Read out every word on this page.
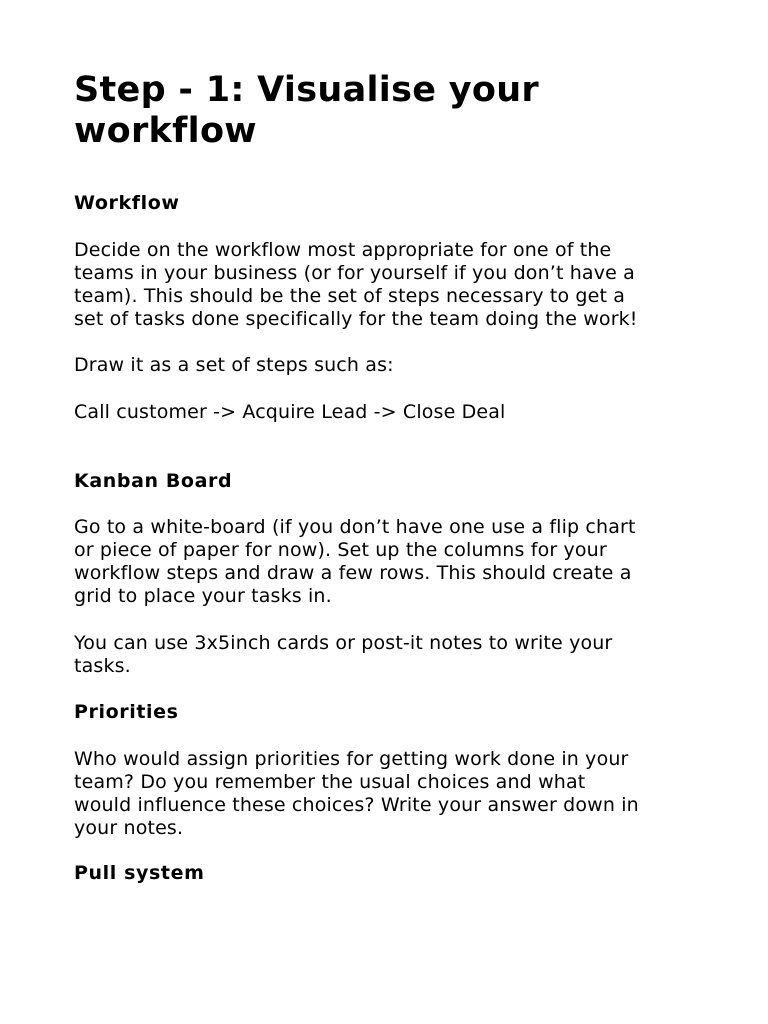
Step - 1: Visualise your
workflow
Workflow

Decide on the workflow most appropriate for one of the
teams in your business (or for yourself if you don’t have a
team). This should be the set of steps necessary to get a
set of tasks done specifically for the team doing the work!

Draw it as a set of steps such as:

Call customer -> Acquire Lead -> Close Deal

Kanban Board

Go to a white-board (if you don’t have one use a flip chart
or piece of paper for now). Set up the columns for your
workflow steps and draw a few rows. This should create a
grid to place your tasks in.

You can use 3x5inch cards or post-it notes to write your
tasks.

Priorities

Who would assign priorities for getting work done in your
team? Do you remember the usual choices and what
would influence these choices? Write your answer down in
your notes.

Pull system
